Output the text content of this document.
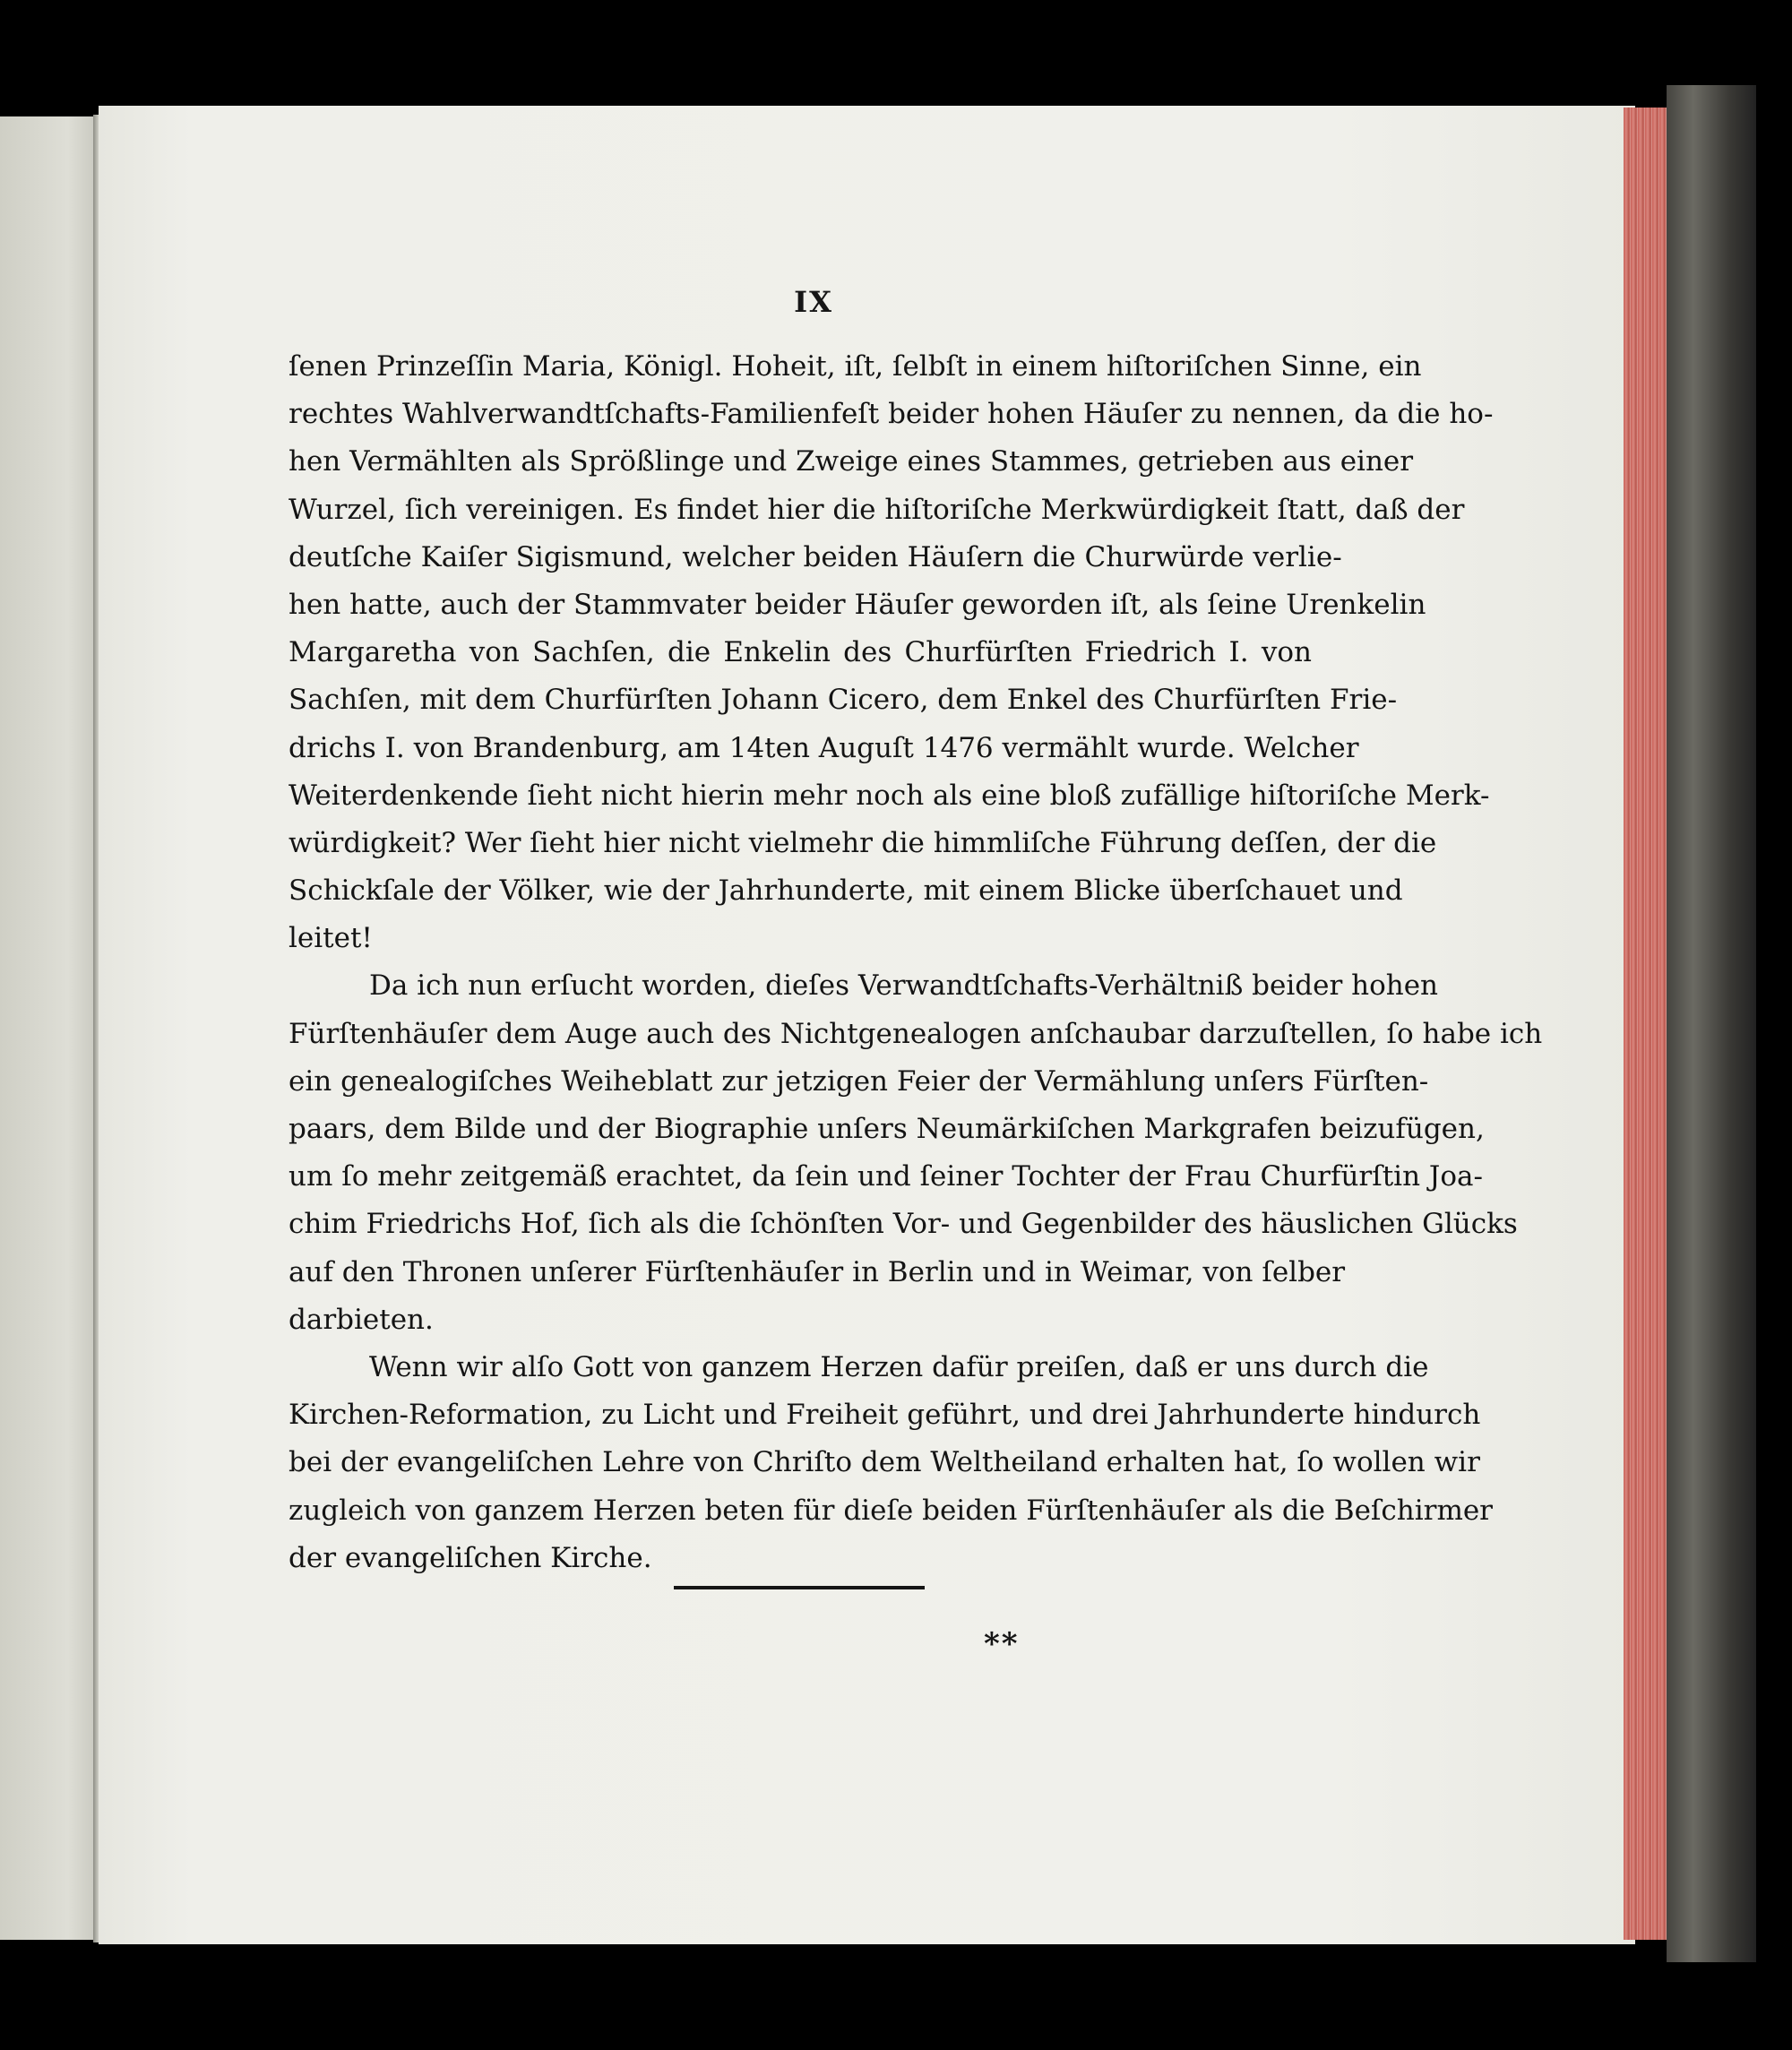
IX
ſenen Prinzeſſin Maria, Königl. Hoheit, iſt, ſelbſt in einem hiſtoriſchen Sinne, ein
rechtes Wahlverwandtſchafts-Familienfeſt beider hohen Häuſer zu nennen, da die ho-
hen Vermählten als Sprößlinge und Zweige eines Stammes, getrieben aus einer
Wurzel, ſich vereinigen. Es findet hier die hiſtoriſche Merkwürdigkeit ſtatt, daß der
deutſche Kaiſer Sigismund, welcher beiden Häuſern die Churwürde verlie-
hen hatte, auch der Stammvater beider Häuſer geworden iſt, als ſeine Urenkelin
Margaretha von Sachſen, die Enkelin des Churfürſten Friedrich I. von
Sachſen, mit dem Churfürſten Johann Cicero, dem Enkel des Churfürſten Frie-
drichs I. von Brandenburg, am 14ten Auguſt 1476 vermählt wurde. Welcher
Weiterdenkende ſieht nicht hierin mehr noch als eine bloß zufällige hiſtoriſche Merk-
würdigkeit? Wer ſieht hier nicht vielmehr die himmliſche Führung deſſen, der die
Schickſale der Völker, wie der Jahrhunderte, mit einem Blicke überſchauet und
leitet!
Da ich nun erſucht worden, dieſes Verwandtſchafts-Verhältniß beider hohen
Fürſtenhäuſer dem Auge auch des Nichtgenealogen anſchaubar darzuſtellen, ſo habe ich
ein genealogiſches Weiheblatt zur jetzigen Feier der Vermählung unſers Fürſten-
paars, dem Bilde und der Biographie unſers Neumärkiſchen Markgrafen beizufügen,
um ſo mehr zeitgemäß erachtet, da ſein und ſeiner Tochter der Frau Churfürſtin Joa-
chim Friedrichs Hof, ſich als die ſchönſten Vor- und Gegenbilder des häuslichen Glücks
auf den Thronen unſerer Fürſtenhäuſer in Berlin und in Weimar, von ſelber
darbieten.
Wenn wir alſo Gott von ganzem Herzen dafür preiſen, daß er uns durch die
Kirchen-Reformation, zu Licht und Freiheit geführt, und drei Jahrhunderte hindurch
bei der evangeliſchen Lehre von Chriſto dem Weltheiland erhalten hat, ſo wollen wir
zugleich von ganzem Herzen beten für dieſe beiden Fürſtenhäuſer als die Beſchirmer
der evangeliſchen Kirche.
**
